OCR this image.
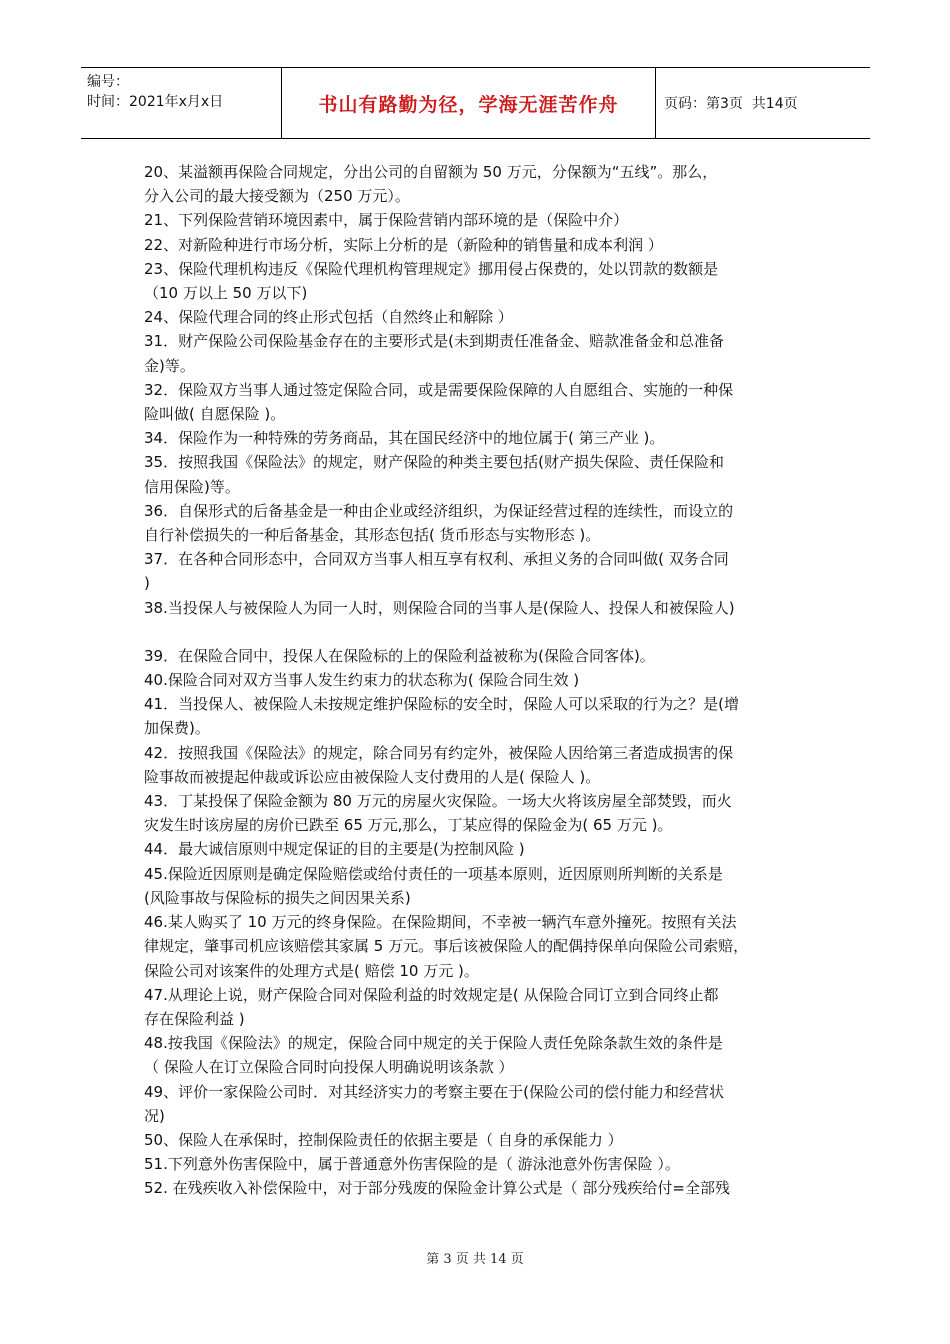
编号：
时间：2021年x月x日	书山有路勤为径，学海无涯苦作舟	页码：第3页  共14页
20、某溢额再保险合同规定，分出公司的自留额为 50 万元，分保额为“五线”。那么，
分入公司的最大接受额为（250 万元）。
21、下列保险营销环境因素中，属于保险营销内部环境的是（保险中介）
22、对新险种进行市场分析，实际上分析的是（新险种的销售量和成本利润 ）
23、保险代理机构违反《保险代理机构管理规定》挪用侵占保费的，处以罚款的数额是
（10 万以上 50 万以下)
24、保险代理合同的终止形式包括（自然终止和解除 ）
31．财产保险公司保险基金存在的主要形式是(未到期责任准备金、赔款准备金和总准备
金)等。
32．保险双方当事人通过签定保险合同，或是需要保险保障的人自愿组合、实施的一种保
险叫做( 自愿保险 )。
34．保险作为一种特殊的劳务商品，其在国民经济中的地位属于( 第三产业 )。
35．按照我国《保险法》的规定，财产保险的种类主要包括(财产损失保险、责任保险和
信用保险)等。
36．自保形式的后备基金是一种由企业或经济组织，为保证经营过程的连续性，而设立的
自行补偿损失的一种后备基金，其形态包括( 货币形态与实物形态 )。
37．在各种合同形态中，合同双方当事人相互享有权利、承担义务的合同叫做( 双务合同
)
38.当投保人与被保险人为同一人时，则保险合同的当事人是(保险人、投保人和被保险人)
39．在保险合同中，投保人在保险标的上的保险利益被称为(保险合同客体)。
40.保险合同对双方当事人发生约束力的状态称为( 保险合同生效 )
41．当投保人、被保险人未按规定维护保险标的安全时，保险人可以采取的行为之？是(增
加保费)。
42．按照我国《保险法》的规定，除合同另有约定外，被保险人因给第三者造成损害的保
险事故而被提起仲裁或诉讼应由被保险人支付费用的人是( 保险人 )。
43．丁某投保了保险金额为 80 万元的房屋火灾保险。一场大火将该房屋全部焚毁，而火
灾发生时该房屋的房价已跌至 65 万元,那么，丁某应得的保险金为( 65 万元 )。
44．最大诚信原则中规定保证的目的主要是(为控制风险 )
45.保险近因原则是确定保险赔偿或给付责任的一项基本原则，近因原则所判断的关系是
(风险事故与保险标的损失之间因果关系)
46.某人购买了 10 万元的终身保险。在保险期间，不幸被一辆汽车意外撞死。按照有关法
律规定，肇事司机应该赔偿其家属 5 万元。事后该被保险人的配偶持保单向保险公司索赔，
保险公司对该案件的处理方式是( 赔偿 10 万元 )。
47.从理论上说，财产保险合同对保险利益的时效规定是( 从保险合同订立到合同终止都
存在保险利益 )
48.按我国《保险法》的规定，保险合同中规定的关于保险人责任免除条款生效的条件是
（ 保险人在订立保险合同时向投保人明确说明该条款 ）
49、评价一家保险公司时．对其经济实力的考察主要在于(保险公司的偿付能力和经营状
况)
50、保险人在承保时，控制保险责任的依据主要是（ 自身的承保能力 ）
51.下列意外伤害保险中，属于普通意外伤害保险的是（ 游泳池意外伤害保险 ）。
52. 在残疾收入补偿保险中，对于部分残废的保险金计算公式是（ 部分残疾给付=全部残
第 3 页 共 14 页
